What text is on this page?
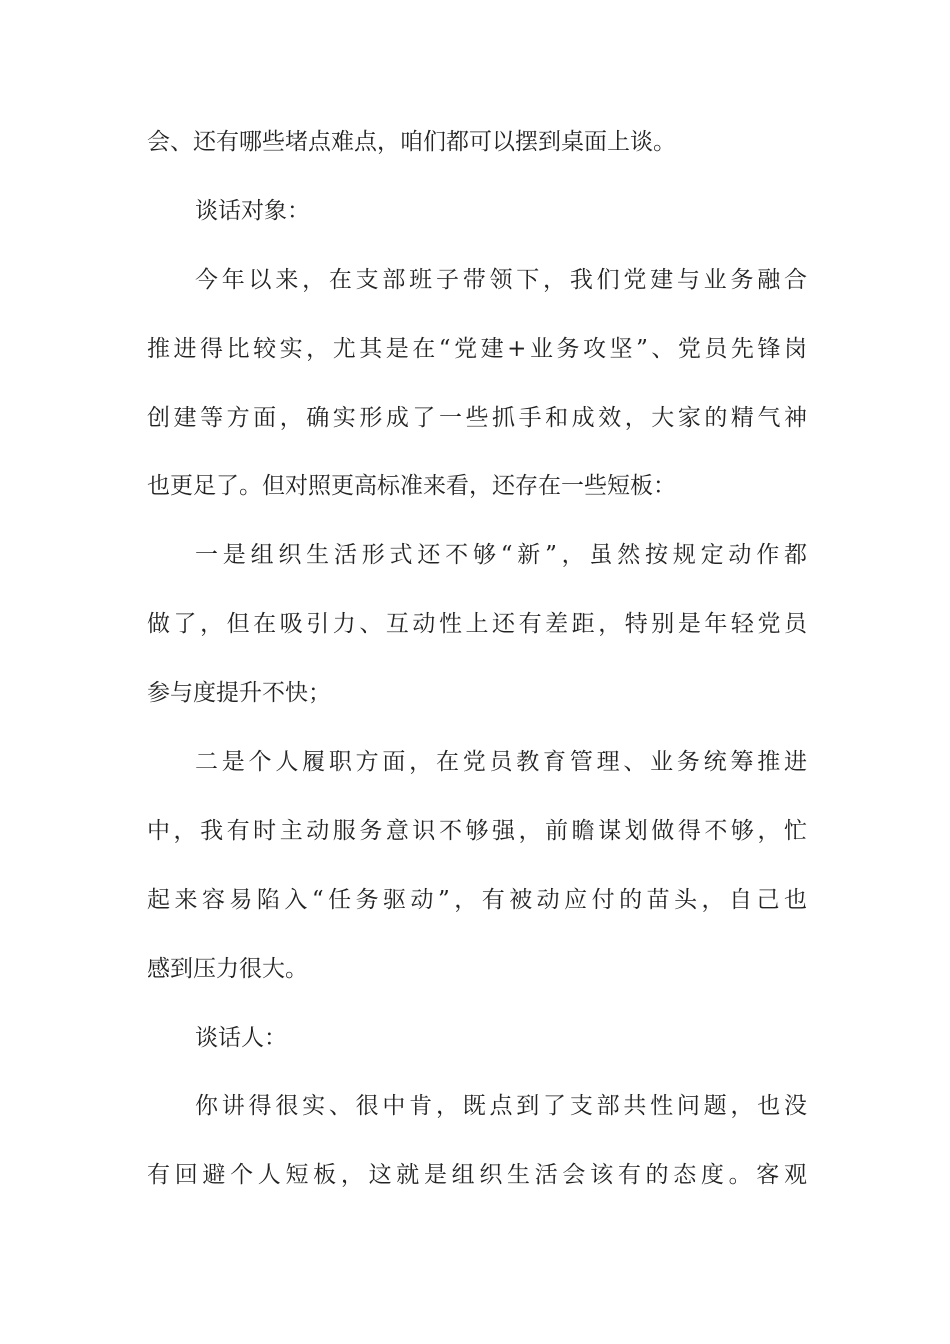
会、还有哪些堵点难点，咱们都可以摆到桌面上谈。
谈话对象：
今年以来，在支部班子带领下，我们党建与业务融合
推进得比较实，尤其是在“党建+业务攻坚”、党员先锋岗
创建等方面，确实形成了一些抓手和成效，大家的精气神
也更足了。但对照更高标准来看，还存在一些短板：
一是组织生活形式还不够“新”，虽然按规定动作都
做了，但在吸引力、互动性上还有差距，特别是年轻党员
参与度提升不快；
二是个人履职方面，在党员教育管理、业务统筹推进
中，我有时主动服务意识不够强，前瞻谋划做得不够，忙
起来容易陷入“任务驱动”，有被动应付的苗头，自己也
感到压力很大。
谈话人：
你讲得很实、很中肯，既点到了支部共性问题，也没
有回避个人短板，这就是组织生活会该有的态度。客观
